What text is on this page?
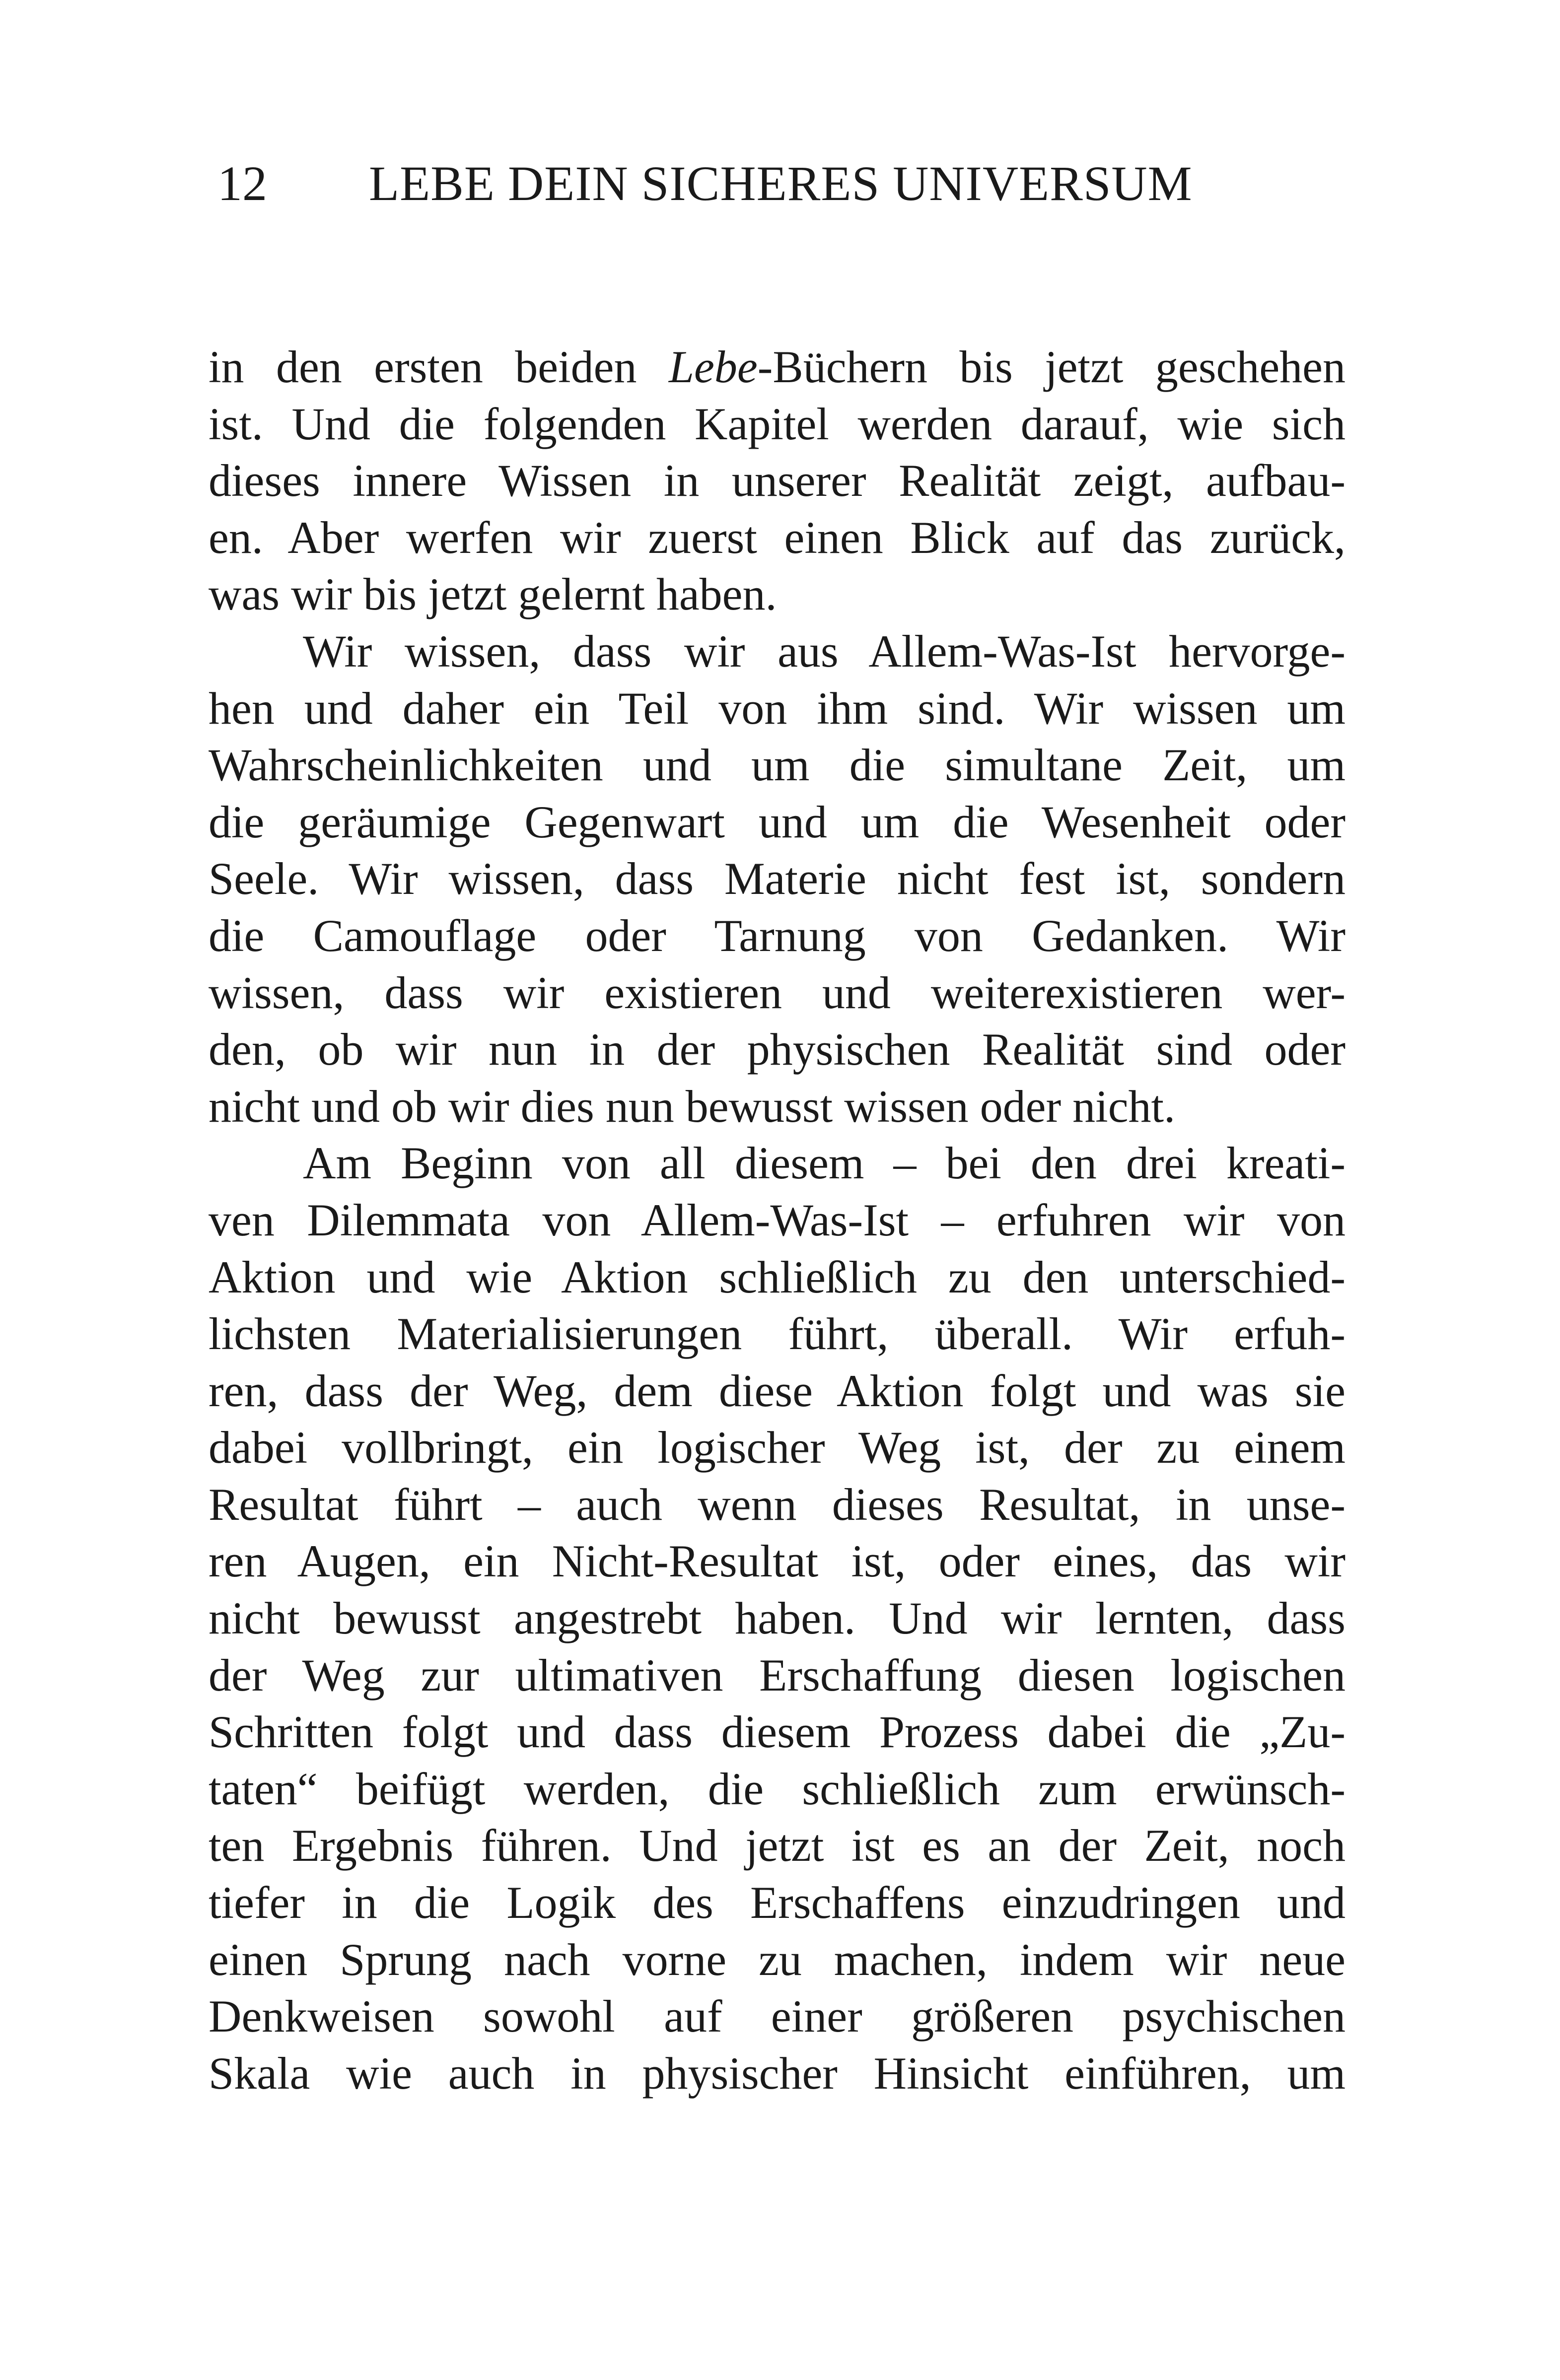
12 LEBE DEIN SICHERES UNIVERSUM
in den ersten beiden Lebe-Büchern bis jetzt geschehen
ist. Und die folgenden Kapitel werden darauf, wie sich
dieses innere Wissen in unserer Realität zeigt, aufbau-
en. Aber werfen wir zuerst einen Blick auf das zurück,
was wir bis jetzt gelernt haben.
Wir wissen, dass wir aus Allem-Was-Ist hervorge-
hen und daher ein Teil von ihm sind. Wir wissen um
Wahrscheinlichkeiten und um die simultane Zeit, um
die geräumige Gegenwart und um die Wesenheit oder
Seele. Wir wissen, dass Materie nicht fest ist, sondern
die Camouflage oder Tarnung von Gedanken. Wir
wissen, dass wir existieren und weiterexistieren wer-
den, ob wir nun in der physischen Realität sind oder
nicht und ob wir dies nun bewusst wissen oder nicht.
Am Beginn von all diesem – bei den drei kreati-
ven Dilemmata von Allem-Was-Ist – erfuhren wir von
Aktion und wie Aktion schließlich zu den unterschied-
lichsten Materialisierungen führt, überall. Wir erfuh-
ren, dass der Weg, dem diese Aktion folgt und was sie
dabei vollbringt, ein logischer Weg ist, der zu einem
Resultat führt – auch wenn dieses Resultat, in unse-
ren Augen, ein Nicht-Resultat ist, oder eines, das wir
nicht bewusst angestrebt haben. Und wir lernten, dass
der Weg zur ultimativen Erschaffung diesen logischen
Schritten folgt und dass diesem Prozess dabei die „Zu-
taten“ beifügt werden, die schließlich zum erwünsch-
ten Ergebnis führen. Und jetzt ist es an der Zeit, noch
tiefer in die Logik des Erschaffens einzudringen und
einen Sprung nach vorne zu machen, indem wir neue
Denkweisen sowohl auf einer größeren psychischen
Skala wie auch in physischer Hinsicht einführen, um
